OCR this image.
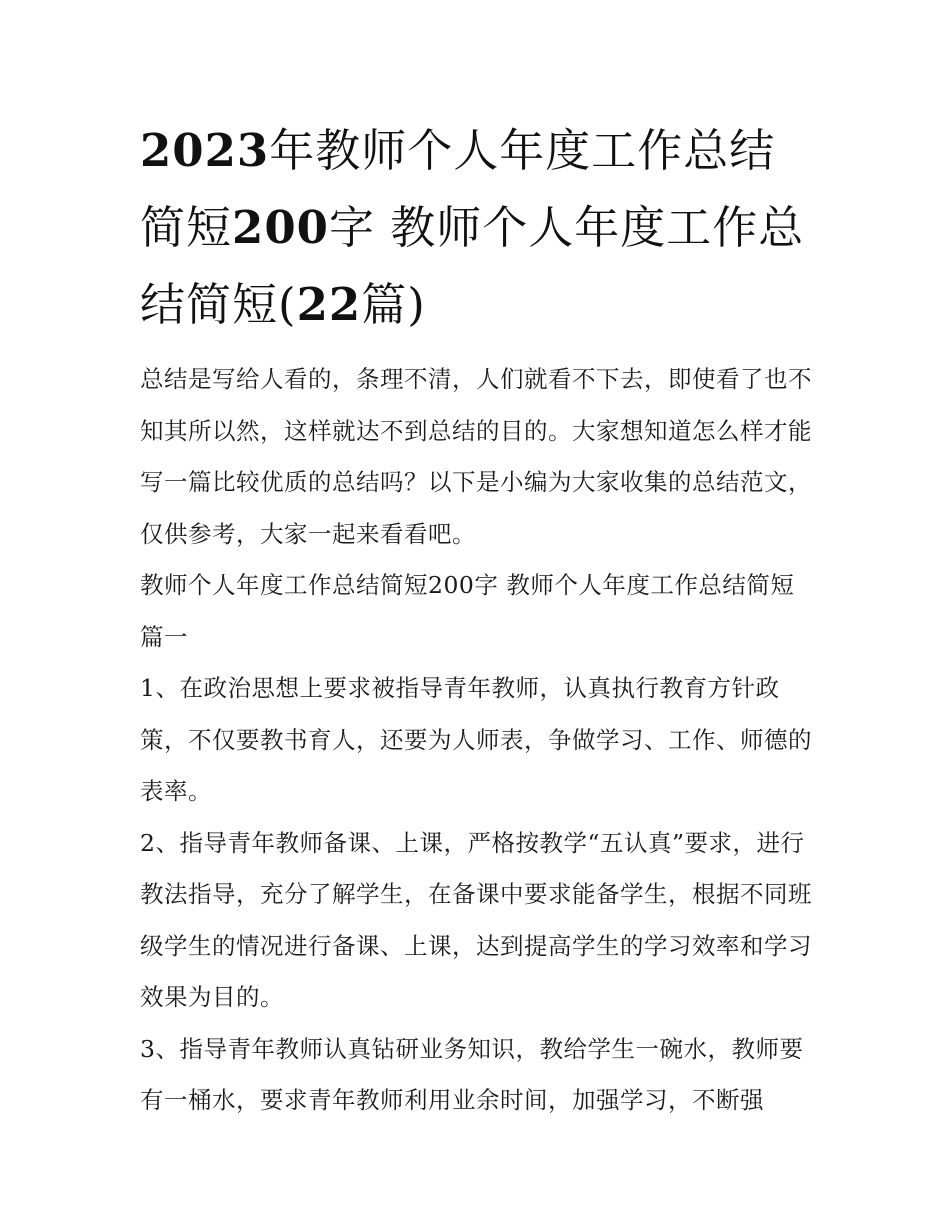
2023年教师个人年度工作总结简短200字 教师个人年度工作总结简短(22篇)

总结是写给人看的，条理不清，人们就看不下去，即使看了也不知其所以然，这样就达不到总结的目的。大家想知道怎么样才能写一篇比较优质的总结吗？以下是小编为大家收集的总结范文，仅供参考，大家一起来看看吧。

教师个人年度工作总结简短200字 教师个人年度工作总结简短篇一

1、在政治思想上要求被指导青年教师，认真执行教育方针政策，不仅要教书育人，还要为人师表，争做学习、工作、师德的表率。

2、指导青年教师备课、上课，严格按教学“五认真”要求，进行教法指导，充分了解学生，在备课中要求能备学生，根据不同班级学生的情况进行备课、上课，达到提高学生的学习效率和学习效果为目的。

3、指导青年教师认真钻研业务知识，教给学生一碗水，教师要有一桶水，要求青年教师利用业余时间，加强学习，不断强
